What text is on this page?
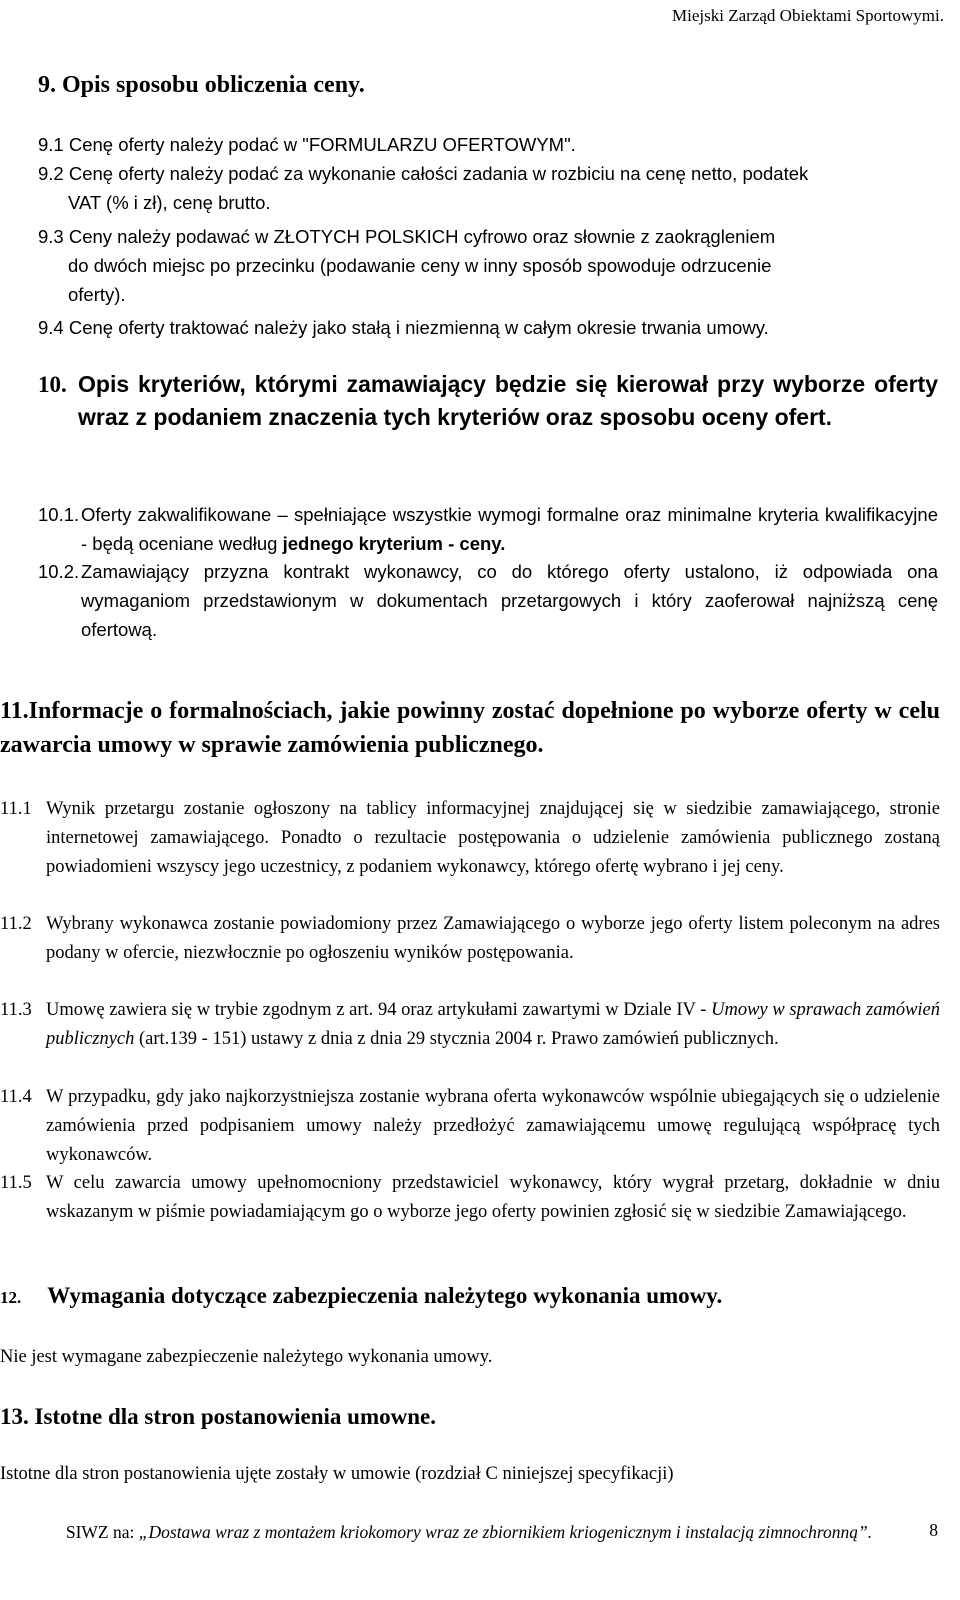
Miejski Zarząd Obiektami Sportowymi.
9. Opis sposobu obliczenia ceny.
9.1 Cenę oferty należy podać w "FORMULARZU OFERTOWYM".
9.2 Cenę oferty należy podać za wykonanie całości zadania w rozbiciu na cenę netto, podatek
VAT (% i zł), cenę brutto.
9.3 Ceny należy podawać w ZŁOTYCH POLSKICH cyfrowo oraz słownie z zaokrągleniem
do dwóch miejsc po przecinku (podawanie ceny w inny sposób spowoduje odrzucenie
oferty).
9.4 Cenę oferty traktować należy jako stałą i niezmienną w całym okresie trwania umowy.
10. Opis kryteriów, którymi zamawiający będzie się kierował przy wyborze oferty wraz z podaniem znaczenia tych kryteriów oraz sposobu oceny ofert.
10.1. Oferty zakwalifikowane – spełniające wszystkie wymogi formalne oraz minimalne kryteria kwalifikacyjne - będą oceniane według jednego kryterium - ceny.
10.2. Zamawiający przyzna kontrakt wykonawcy, co do którego oferty ustalono, iż odpowiada ona wymaganiom przedstawionym w dokumentach przetargowych i który zaoferował najniższą cenę ofertową.
11.Informacje o formalnościach, jakie powinny zostać dopełnione po wyborze oferty w celu zawarcia umowy w sprawie zamówienia publicznego.
11.1 Wynik przetargu zostanie ogłoszony na tablicy informacyjnej znajdującej się w siedzibie zamawiającego, stronie internetowej zamawiającego. Ponadto o rezultacie postępowania o udzielenie zamówienia publicznego zostaną powiadomieni wszyscy jego uczestnicy, z podaniem wykonawcy, którego ofertę wybrano i jej ceny.
11.2 Wybrany wykonawca zostanie powiadomiony przez Zamawiającego o wyborze jego oferty listem poleconym na adres podany w ofercie, niezwłocznie po ogłoszeniu wyników postępowania.
11.3 Umowę zawiera się w trybie zgodnym z art. 94 oraz artykułami zawartymi w Dziale IV - Umowy w sprawach zamówień publicznych (art.139 - 151) ustawy z dnia z dnia 29 stycznia 2004 r. Prawo zamówień publicznych.
11.4 W przypadku, gdy jako najkorzystniejsza zostanie wybrana oferta wykonawców wspólnie ubiegających się o udzielenie zamówienia przed podpisaniem umowy należy przedłożyć zamawiającemu umowę regulującą współpracę tych wykonawców.
11.5 W celu zawarcia umowy upełnomocniony przedstawiciel wykonawcy, który wygrał przetarg, dokładnie w dniu wskazanym w piśmie powiadamiającym go o wyborze jego oferty powinien zgłosić się w siedzibie Zamawiającego.
12. Wymagania dotyczące zabezpieczenia należytego wykonania umowy.
Nie jest wymagane zabezpieczenie należytego wykonania umowy.
13. Istotne dla stron postanowienia umowne.
Istotne dla stron postanowienia ujęte zostały w umowie (rozdział C niniejszej specyfikacji)
SIWZ na: „Dostawa wraz z montażem kriokomory wraz ze zbiornikiem kriogenicznym i instalacją zimnochronną”.	8
